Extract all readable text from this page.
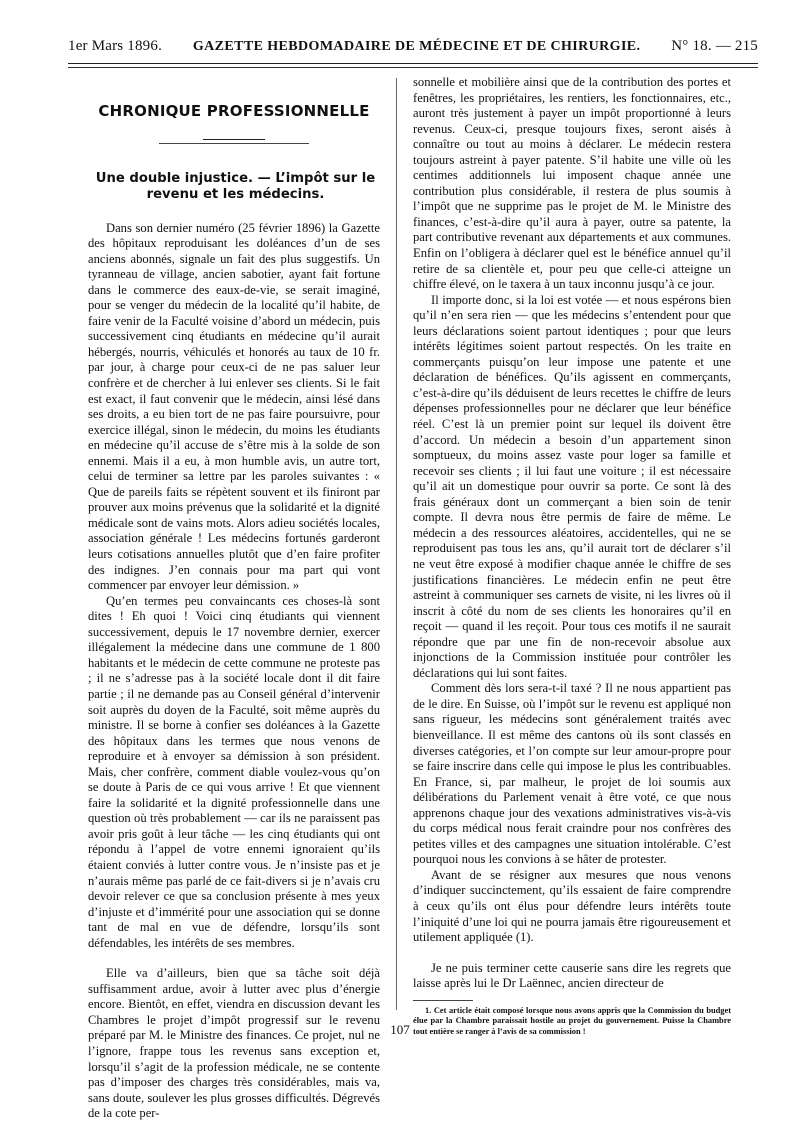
1er Mars 1896. GAZETTE HEBDOMADAIRE DE MÉDECINE ET DE CHIRURGIE. N° 18. — 215
CHRONIQUE PROFESSIONNELLE
Une double injustice. — L’impôt sur le revenu et les médecins.

Dans son dernier numéro (25 février 1896) la Gazette des hôpitaux reproduisant les doléances d’un de ses anciens abonnés, signale un fait des plus suggestifs. Un tyranneau de village, ancien sabotier, ayant fait fortune dans le commerce des eaux-de-vie, se serait imaginé, pour se venger du médecin de la localité qu’il habite, de faire venir de la Faculté voisine d’abord un médecin, puis successivement cinq étudiants en médecine qu’il aurait hébergés, nourris, véhiculés et honorés au taux de 10 fr. par jour, à charge pour ceux-ci de ne pas saluer leur confrère et de chercher à lui enlever ses clients. Si le fait est exact, il faut convenir que le médecin, ainsi lésé dans ses droits, a eu bien tort de ne pas faire poursuivre, pour exercice illégal, sinon le médecin, du moins les étudiants en médecine qu’il accuse de s’être mis à la solde de son ennemi. Mais il a eu, à mon humble avis, un autre tort, celui de terminer sa lettre par les paroles suivantes : « Que de pareils faits se répètent souvent et ils finiront par prouver aux moins prévenus que la solidarité et la dignité médicale sont de vains mots. Alors adieu sociétés locales, association générale ! Les médecins fortunés garderont leurs cotisations annuelles plutôt que d’en faire profiter des indignes. J’en connais pour ma part qui vont commencer par envoyer leur démission. »

Qu’en termes peu convaincants ces choses-là sont dites ! Eh quoi ! Voici cinq étudiants qui viennent successivement, depuis le 17 novembre dernier, exercer illégalement la médecine dans une commune de 1 800 habitants et le médecin de cette commune ne proteste pas ; il ne s’adresse pas à la société locale dont il dit faire partie ; il ne demande pas au Conseil général d’intervenir soit auprès du doyen de la Faculté, soit même auprès du ministre. Il se borne à confier ses doléances à la Gazette des hôpitaux dans les termes que nous venons de reproduire et à envoyer sa démission à son président. Mais, cher confrère, comment diable voulez-vous qu’on se doute à Paris de ce qui vous arrive ! Et que viennent faire la solidarité et la dignité professionnelle dans une question où très probablement — car ils ne paraissent pas avoir pris goût à leur tâche — les cinq étudiants qui ont répondu à l’appel de votre ennemi ignoraient qu’ils étaient conviés à lutter contre vous. Je n’insiste pas et je n’aurais même pas parlé de ce fait-divers si je n’avais cru devoir relever ce que sa conclusion présente à mes yeux d’injuste et d’immérité pour une association qui se donne tant de mal en vue de défendre, lorsqu’ils sont défendables, les intérêts de ses membres.

Elle va d’ailleurs, bien que sa tâche soit déjà suffisamment ardue, avoir à lutter avec plus d’énergie encore. Bientôt, en effet, viendra en discussion devant les Chambres le projet d’impôt progressif sur le revenu préparé par M. le Ministre des finances. Ce projet, nul ne l’ignore, frappe tous les revenus sans exception et, lorsqu’il s’agit de la profession médicale, ne se contente pas d’imposer des charges très considérables, mais va, sans doute, soulever les plus grosses difficultés. Dégrevés de la cote per-

sonnelle et mobilière ainsi que de la contribution des portes et fenêtres, les propriétaires, les rentiers, les fonctionnaires, etc., auront très justement à payer un impôt proportionné à leurs revenus. Ceux-ci, presque toujours fixes, seront aisés à connaître ou tout au moins à déclarer. Le médecin restera toujours astreint à payer patente. S’il habite une ville où les centimes additionnels lui imposent chaque année une contribution plus considérable, il restera de plus soumis à l’impôt que ne supprime pas le projet de M. le Ministre des finances, c’est-à-dire qu’il aura à payer, outre sa patente, la part contributive revenant aux départements et aux communes. Enfin on l’obligera à déclarer quel est le bénéfice annuel qu’il retire de sa clientèle et, pour peu que celle-ci atteigne un chiffre élevé, on le taxera à un taux inconnu jusqu’à ce jour.

Il importe donc, si la loi est votée — et nous espérons bien qu’il n’en sera rien — que les médecins s’entendent pour que leurs déclarations soient partout identiques ; pour que leurs intérêts légitimes soient partout respectés. On les traite en commerçants puisqu’on leur impose une patente et une déclaration de bénéfices. Qu’ils agissent en commerçants, c’est-à-dire qu’ils déduisent de leurs recettes le chiffre de leurs dépenses professionnelles pour ne déclarer que leur bénéfice réel. C’est là un premier point sur lequel ils doivent être d’accord. Un médecin a besoin d’un appartement sinon somptueux, du moins assez vaste pour loger sa famille et recevoir ses clients ; il lui faut une voiture ; il est nécessaire qu’il ait un domestique pour ouvrir sa porte. Ce sont là des frais généraux dont un commerçant a bien soin de tenir compte. Il devra nous être permis de faire de même. Le médecin a des ressources aléatoires, accidentelles, qui ne se reproduisent pas tous les ans, qu’il aurait tort de déclarer s’il ne veut être exposé à modifier chaque année le chiffre de ses justifications financières. Le médecin enfin ne peut être astreint à communiquer ses carnets de visite, ni les livres où il inscrit à côté du nom de ses clients les honoraires qu’il en reçoit — quand il les reçoit. Pour tous ces motifs il ne saurait répondre que par une fin de non-recevoir absolue aux injonctions de la Commission instituée pour contrôler les déclarations qui lui sont faites.

Comment dès lors sera-t-il taxé ? Il ne nous appartient pas de le dire. En Suisse, où l’impôt sur le revenu est appliqué non sans rigueur, les médecins sont généralement traités avec bienveillance. Il est même des cantons où ils sont classés en diverses catégories, et l’on compte sur leur amour-propre pour se faire inscrire dans celle qui impose le plus les contribuables. En France, si, par malheur, le projet de loi soumis aux délibérations du Parlement venait à être voté, ce que nous apprenons chaque jour des vexations administratives vis-à-vis du corps médical nous ferait craindre pour nos confrères des petites villes et des campagnes une situation intolérable. C’est pourquoi nous les convions à se hâter de protester.

Avant de se résigner aux mesures que nous venons d’indiquer succinctement, qu’ils essaient de faire comprendre à ceux qu’ils ont élus pour défendre leurs intérêts toute l’iniquité d’une loi qui ne pourra jamais être rigoureusement et utilement appliquée (1).

Je ne puis terminer cette causerie sans dire les regrets que laisse après lui le Dr Laënnec, ancien directeur de

1. Cet article était composé lorsque nous avons appris que la Commission du budget élue par la Chambre paraissait hostile au projet du gouvernement. Puisse la Chambre tout entière se ranger à l’avis de sa commission !
107
